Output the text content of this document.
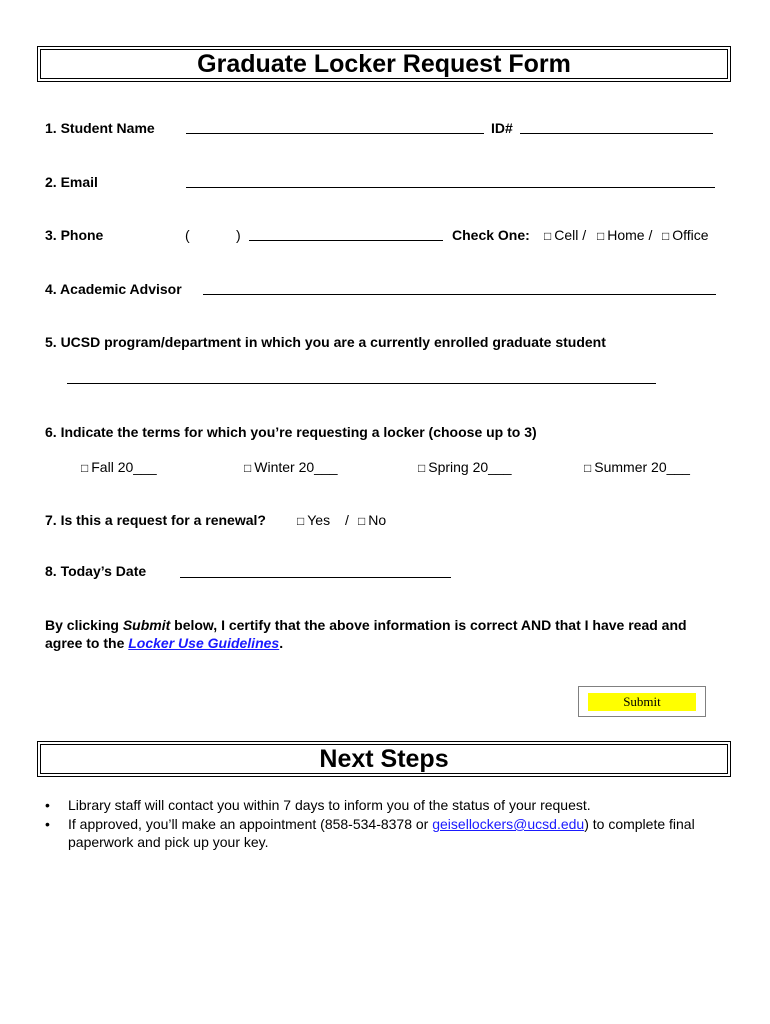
Graduate Locker Request Form
1. Student Name	ID#
2. Email
3. Phone	(	)	Check One: □ Cell / □ Home / □ Office
4. Academic Advisor
5. UCSD program/department in which you are a currently enrolled graduate student
6. Indicate the terms for which you’re requesting a locker (choose up to 3)
□ Fall 20___	□ Winter 20___	□ Spring 20___	□ Summer 20___
7. Is this a request for a renewal?	□ Yes / □ No
8. Today’s Date
By clicking Submit below, I certify that the above information is correct AND that I have read and agree to the Locker Use Guidelines.
Submit
Next Steps
• Library staff will contact you within 7 days to inform you of the status of your request.
• If approved, you’ll make an appointment (858-534-8378 or geisellockers@ucsd.edu) to complete final paperwork and pick up your key.
